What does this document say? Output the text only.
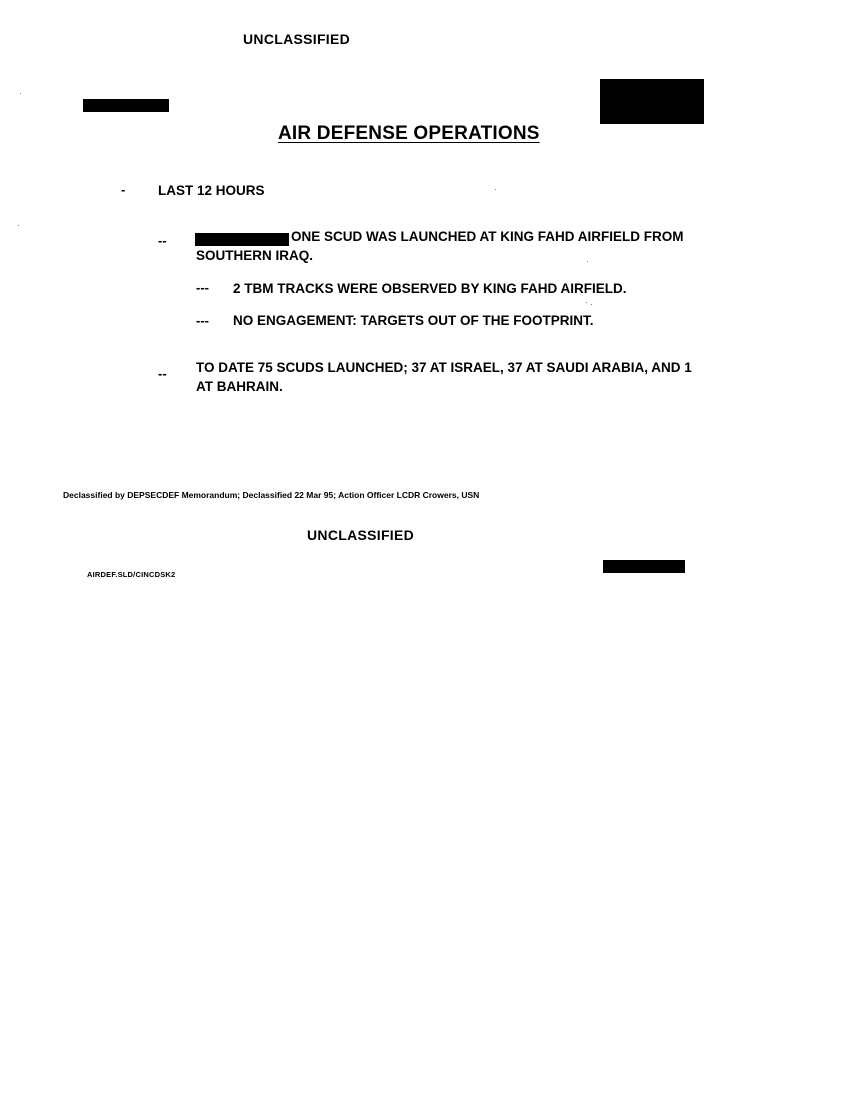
UNCLASSIFIED
AIR DEFENSE OPERATIONS
- LAST 12 HOURS
--	ONE SCUD WAS LAUNCHED AT KING FAHD AIRFIELD FROM
SOUTHERN IRAQ.
--- 2 TBM TRACKS WERE OBSERVED BY KING FAHD AIRFIELD.
--- NO ENGAGEMENT: TARGETS OUT OF THE FOOTPRINT.
-- TO DATE 75 SCUDS LAUNCHED; 37 AT ISRAEL, 37 AT SAUDI ARABIA, AND 1
AT BAHRAIN.
Declassified by DEPSECDEF Memorandum; Declassified 22 Mar 95; Action Officer LCDR Crowers, USN
UNCLASSIFIED
AIRDEF.SLD/CINCDSK2
